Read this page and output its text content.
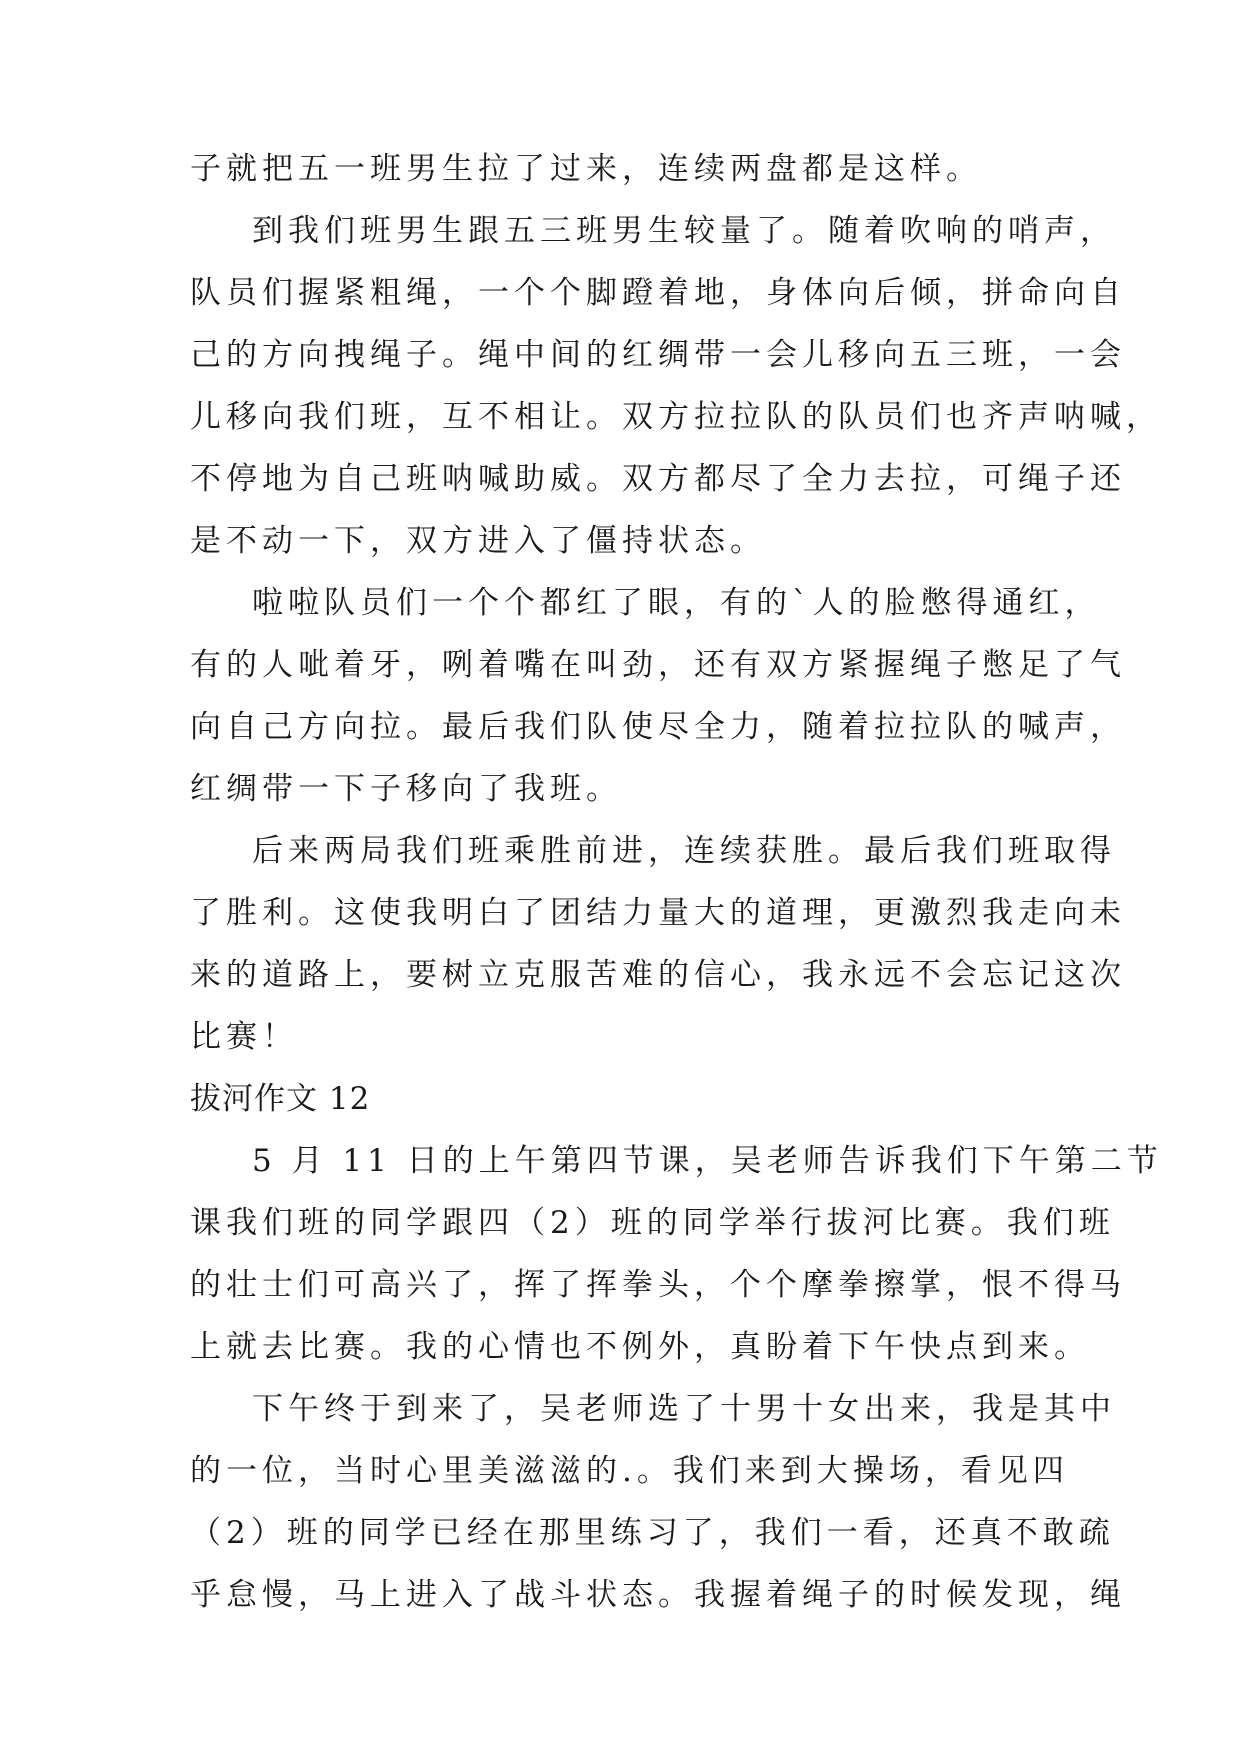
子就把五一班男生拉了过来，连续两盘都是这样。
到我们班男生跟五三班男生较量了。随着吹响的哨声，
队员们握紧粗绳，一个个脚蹬着地，身体向后倾，拼命向自
己的方向拽绳子。绳中间的红绸带一会儿移向五三班，一会
儿移向我们班，互不相让。双方拉拉队的队员们也齐声呐喊，
不停地为自己班呐喊助威。双方都尽了全力去拉，可绳子还
是不动一下，双方进入了僵持状态。
啦啦队员们一个个都红了眼，有的`人的脸憋得通红，
有的人呲着牙，咧着嘴在叫劲，还有双方紧握绳子憋足了气
向自己方向拉。最后我们队使尽全力，随着拉拉队的喊声，
红绸带一下子移向了我班。
后来两局我们班乘胜前进，连续获胜。最后我们班取得
了胜利。这使我明白了团结力量大的道理，更激烈我走向未
来的道路上，要树立克服苦难的信心，我永远不会忘记这次
比赛！
拔河作文 12
5 月 11 日的上午第四节课，吴老师告诉我们下午第二节
课我们班的同学跟四（2）班的同学举行拔河比赛。我们班
的壮士们可高兴了，挥了挥拳头，个个摩拳擦掌，恨不得马
上就去比赛。我的心情也不例外，真盼着下午快点到来。
下午终于到来了，吴老师选了十男十女出来，我是其中
的一位，当时心里美滋滋的.。我们来到大操场，看见四
（2）班的同学已经在那里练习了，我们一看，还真不敢疏
乎怠慢，马上进入了战斗状态。我握着绳子的时候发现，绳
